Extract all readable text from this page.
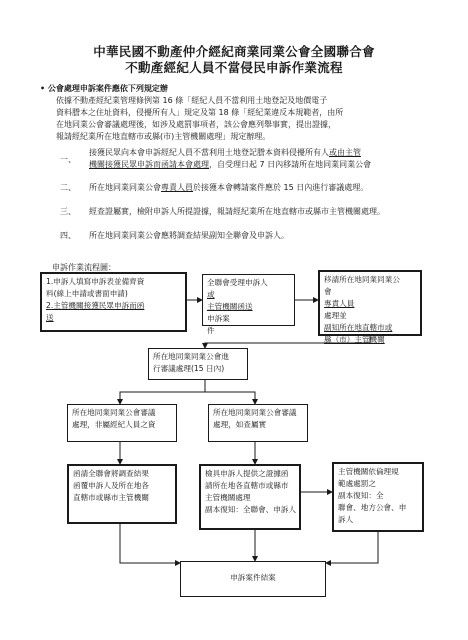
中華民國不動產仲介經紀商業同業公會全國聯合會
不動產經紀人員不當侵民申訴作業流程
• 公會處理申訴案件應依下列規定辦
依據不動產經紀業管理條例第 16 條「經紀人員不當利用土地登記及地價電子
資料謄本之住址資料，侵擾所有人」規定及第 18 條「經紀業違反本規範者，由所
在地同業公會審議處理後，如涉及處罰事項者，該公會應列舉事實，提出證據，
報請經紀業所在地直轄市或縣(市)主管機關處理」規定辦理。
一、
接獲民眾向本會申訴經紀人員不當利用土地登記謄本資料侵擾所有人或由主管
機關接獲民眾申訴而函請本會處理，自受理日起 7 日內移請所在地同業同業公會
二、 所在地同業同業公會專責人員於接獲本會轉請案件應於 15 日內進行審議處理。
三、 經查證屬實，檢附申訴人所提證據，報請經紀業所在地直轄市或縣市主管機關處理。
四、 所在地同業同業公會應將調查結果副知全聯會及申訴人。
申訴作業流程圖：
1.申訴人填寫申訴表並備齊資
料(線上申請或書面申請)
2.主管機關接獲民眾申訴而函
送
全聯會受理申訴人
或
主管機關函送
申訴案
件
移請所在地同業同業公
會
專責人員
處理並
副知所在地直轄市或
縣（市）主管機關
所在地同業同業公會進
行審議處理(15 日內)
所在地同業同業公會審議
處理，非屬經紀人員之資
所在地同業同業公會審議
處理，如查屬實
函請全聯會將調查結果
函覆申訴人及所在地各
直轄市或縣市主管機關
檢具申訴人提供之證據函
請所在地各直轄市或縣市
主管機關處理
副本復知：全聯會、申訴人
主管機關依倫理規
範處處罰之
副本復知：全
聯會、地方公會、申
訴人
申訴案件結案
